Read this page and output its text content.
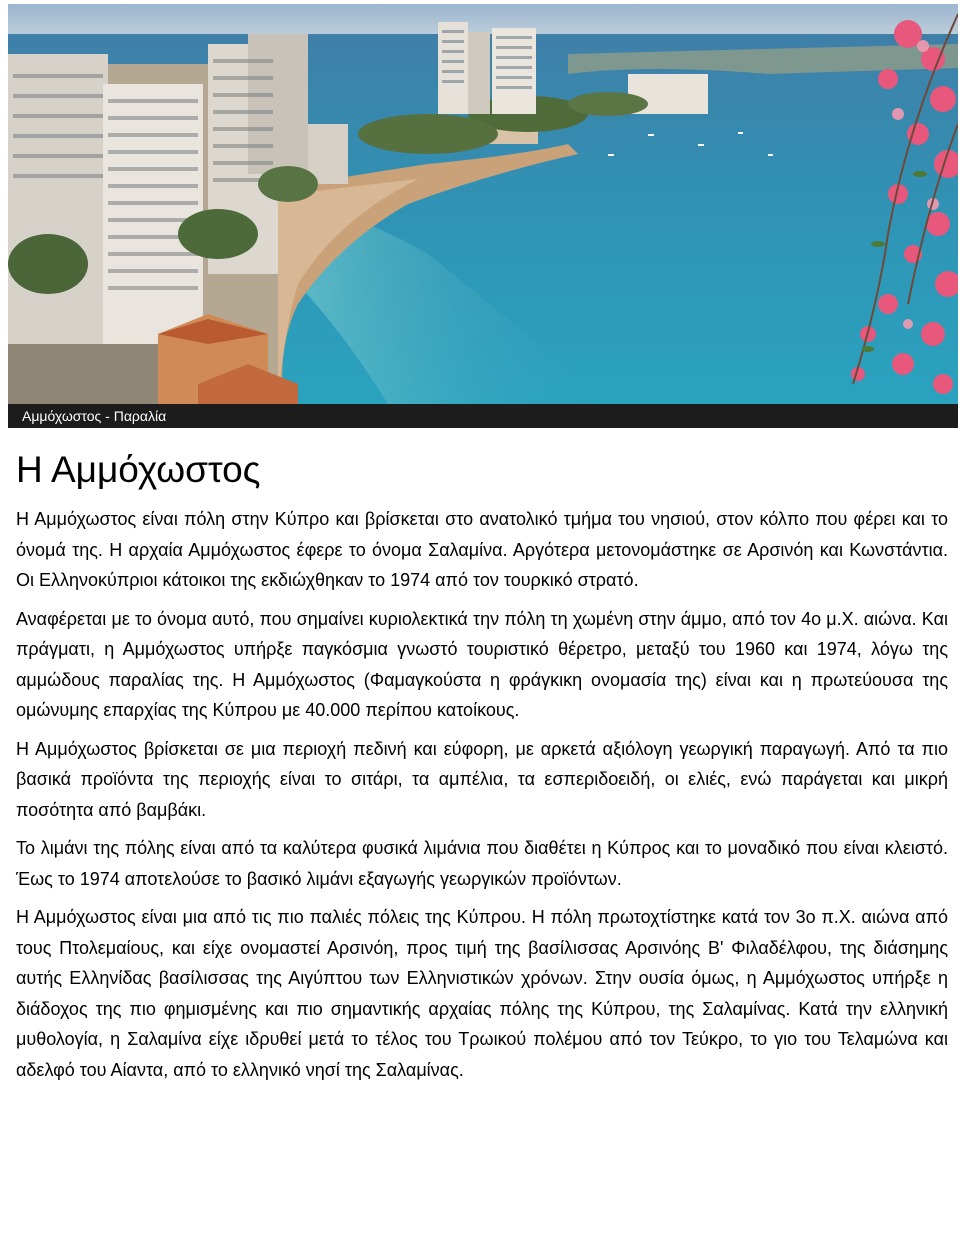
Αμμόχωστος - Παραλία
Η Αμμόχωστος

Η Αμμόχωστος είναι πόλη στην Κύπρο και βρίσκεται στο ανατολικό τμήμα του νησιού, στον κόλπο που φέρει και το όνομά της. Η αρχαία Αμμόχωστος έφερε το όνομα Σαλαμίνα. Αργότερα μετονομάστηκε σε Αρσινόη και Κωνστάντια. Οι Ελληνοκύπριοι κάτοικοι της εκδιώχθηκαν το 1974 από τον τουρκικό στρατό.

Αναφέρεται με το όνομα αυτό, που σημαίνει κυριολεκτικά την πόλη τη χωμένη στην άμμο, από τον 4ο μ.Χ. αιώνα. Και πράγματι, η Αμμόχωστος υπήρξε παγκόσμια γνωστό τουριστικό θέρετρο, μεταξύ του 1960 και 1974, λόγω της αμμώδους παραλίας της. Η Αμμόχωστος (Φαμαγκούστα η φράγκικη ονομασία της) είναι και η πρωτεύουσα της ομώνυμης επαρχίας της Κύπρου με 40.000 περίπου κατοίκους.

Η Αμμόχωστος βρίσκεται σε μια περιοχή πεδινή και εύφορη, με αρκετά αξιόλογη γεωργική παραγωγή. Από τα πιο βασικά προϊόντα της περιοχής είναι το σιτάρι, τα αμπέλια, τα εσπεριδοειδή, οι ελιές, ενώ παράγεται και μικρή ποσότητα από βαμβάκι.

Το λιμάνι της πόλης είναι από τα καλύτερα φυσικά λιμάνια που διαθέτει η Κύπρος και το μοναδικό που είναι κλειστό. Έως το 1974 αποτελούσε το βασικό λιμάνι εξαγωγής γεωργικών προϊόντων.

Η Αμμόχωστος είναι μια από τις πιο παλιές πόλεις της Κύπρου. Η πόλη πρωτοχτίστηκε κατά τον 3ο π.Χ. αιώνα από τους Πτολεμαίους, και είχε ονομαστεί Αρσινόη, προς τιμή της βασίλισσας Αρσινόης Β' Φιλαδέλφου, της διάσημης αυτής Ελληνίδας βασίλισσας της Αιγύπτου των Ελληνιστικών χρόνων. Στην ουσία όμως, η Αμμόχωστος υπήρξε η διάδοχος της πιο φημισμένης και πιο σημαντικής αρχαίας πόλης της Κύπρου, της Σαλαμίνας. Κατά την ελληνική μυθολογία, η Σαλαμίνα είχε ιδρυθεί μετά το τέλος του Τρωικού πολέμου από τον Τεύκρο, το γιο του Τελαμώνα και αδελφό του Αίαντα, από το ελληνικό νησί της Σαλαμίνας.
